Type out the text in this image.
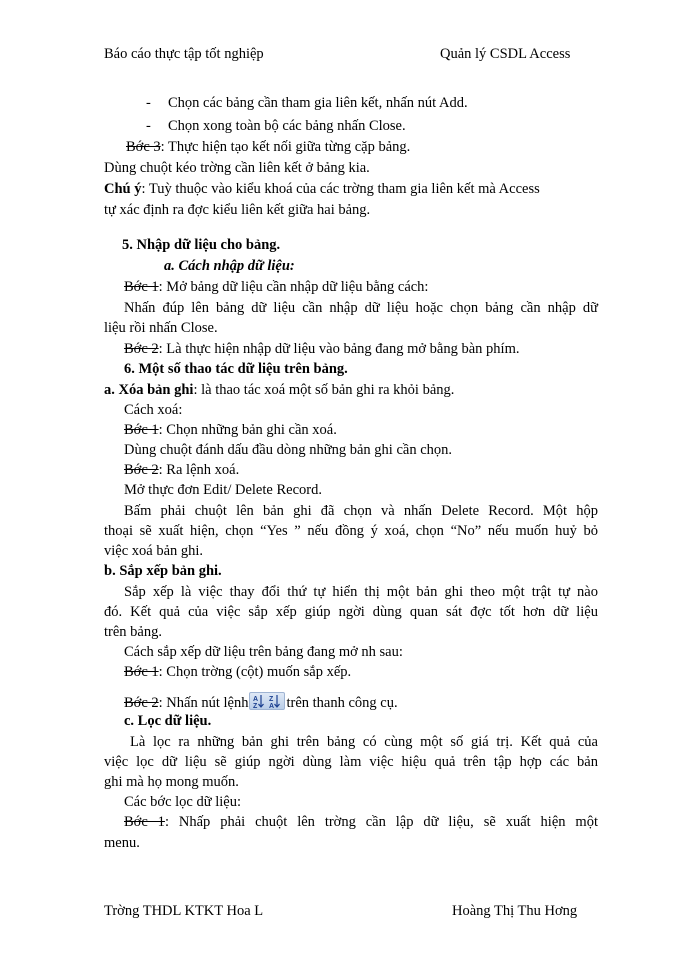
Báo cáo thực tập tốt nghiệp	Quản lý CSDL Access
- Chọn các bảng cần tham gia liên kết, nhấn nút Add.
- Chọn xong toàn bộ các bảng nhấn Close.
Bớc 3: Thực hiện tạo kết nối giữa từng cặp bảng.
Dùng chuột kéo trờng cần liên kết ở bảng kia.
Chú ý: Tuỳ thuộc vào kiểu khoá của các trờng tham gia liên kết mà Access
tự xác định ra đợc kiểu liên kết giữa hai bảng.
5. Nhập dữ liệu cho bảng.
a. Cách nhập dữ liệu:
Bớc 1: Mở bảng dữ liệu cần nhập dữ liệu bằng cách:
Nhấn đúp lên bảng dữ liệu cần nhập dữ liệu hoặc chọn bảng cần nhập dữ
liệu rồi nhấn Close.
Bớc 2: Là thực hiện nhập dữ liệu vào bảng đang mở bằng bàn phím.
6. Một số thao tác dữ liệu trên bảng.
a. Xóa bản ghi: là thao tác xoá một số bản ghi ra khỏi bảng.
Cách xoá:
Bớc 1: Chọn những bản ghi cần xoá.
Dùng chuột đánh dấu đầu dòng những bản ghi cần chọn.
Bớc 2: Ra lệnh xoá.
Mở thực đơn Edit/ Delete Record.
Bấm phải chuột lên bản ghi đã chọn và nhấn Delete Record. Một hộp
thoại sẽ xuất hiện, chọn “Yes ” nếu đồng ý xoá, chọn “No” nếu muốn huỷ bỏ
việc xoá bản ghi.
b. Sắp xếp bản ghi.
Sắp xếp là việc thay đổi thứ tự hiển thị một bản ghi theo một trật tự nào
đó. Kết quả của việc sắp xếp giúp ngời dùng quan sát đợc tốt hơn dữ liệu
trên bảng.
Cách sắp xếp dữ liệu trên bảng đang mở nh sau:
Bớc 1: Chọn trờng (cột) muốn sắp xếp.
Bớc 2: Nhấn nút lệnh A
Z
Z
A trên thanh công cụ.
c. Lọc dữ liệu.
Là lọc ra những bản ghi trên bảng có cùng một số giá trị. Kết quả của
việc lọc dữ liệu sẽ giúp ngời dùng làm việc hiệu quả trên tập hợp các bản
ghi mà họ mong muốn.
Các bớc lọc dữ liệu:
Bớc 1: Nhấp phải chuột lên trờng cần lập dữ liệu, sẽ xuất hiện một
menu.
Trờng THDL KTKT Hoa L	Hoàng Thị Thu Hơng
